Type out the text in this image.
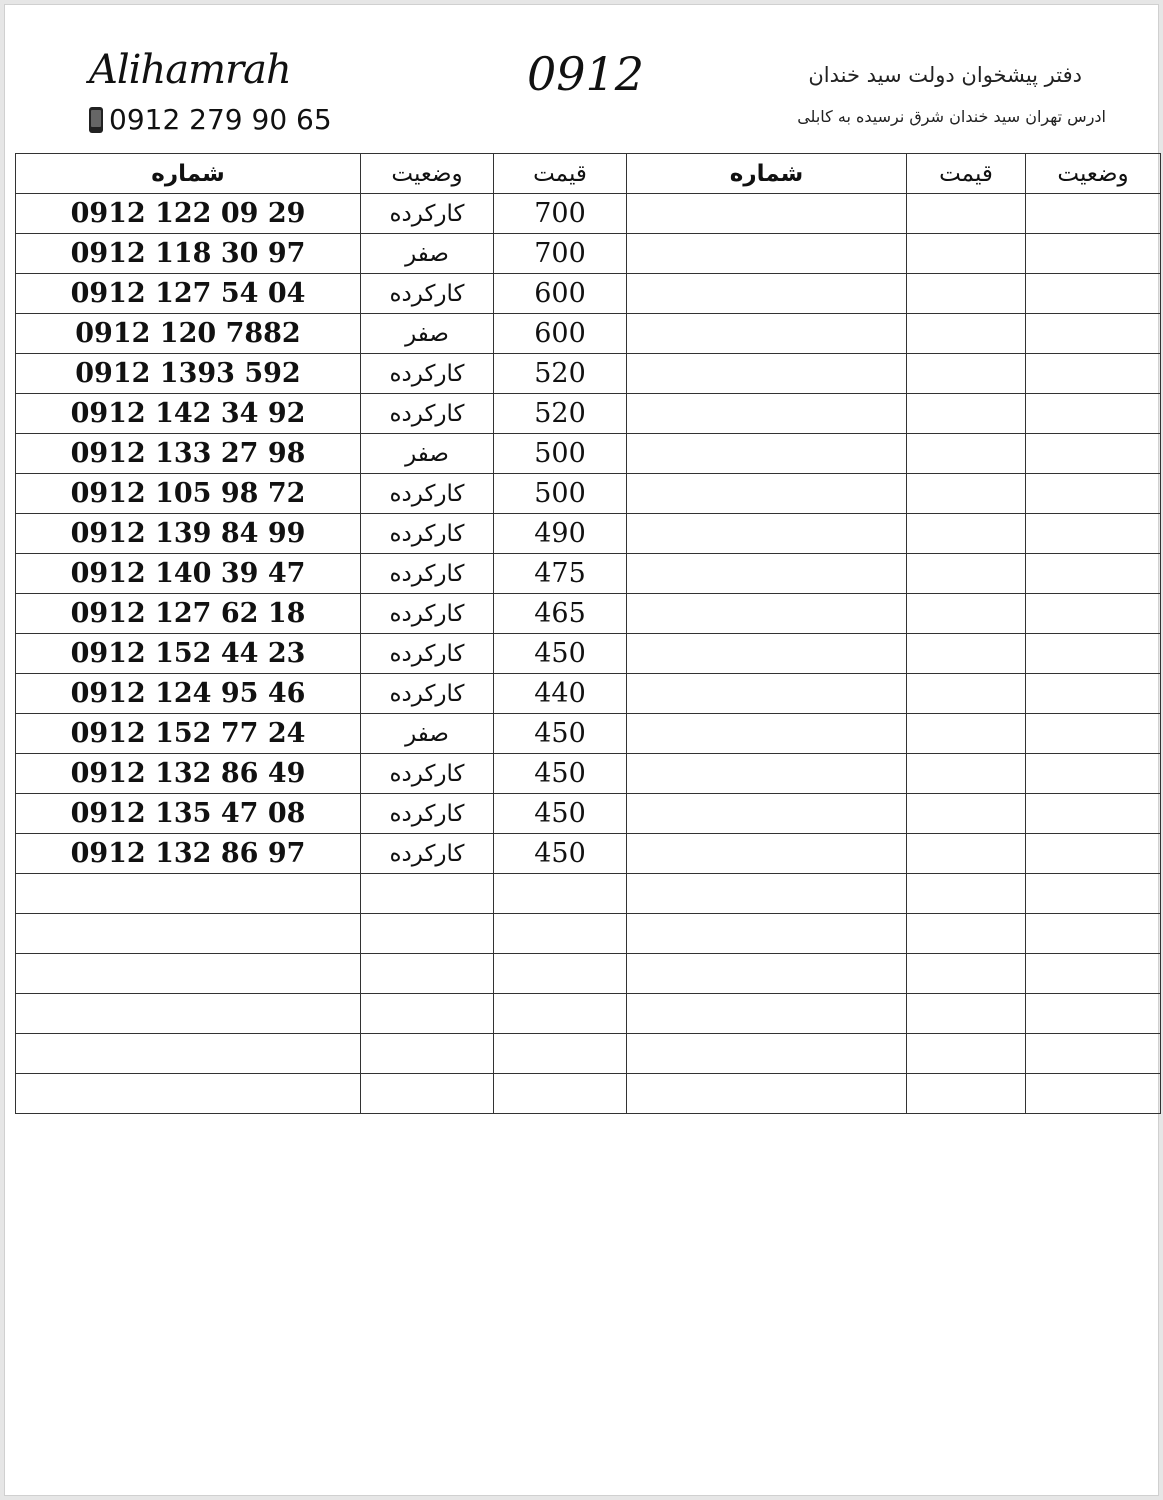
Alihamrah
0912 279 90 65
0912	دفتر پیشخوان دولت سید خندان
ادرس تهران سید خندان شرق نرسیده به کابلی
شماره	وضعیت	قیمت	شماره	قیمت	وضعیت
0912 122 09 29	کارکرده	700			
0912 118 30 97	صفر	700			
0912 127 54 04	کارکرده	600			
0912 120 7882	صفر	600			
0912 1393 592	کارکرده	520			
0912 142 34 92	کارکرده	520			
0912 133 27 98	صفر	500			
0912 105 98 72	کارکرده	500			
0912 139 84 99	کارکرده	490			
0912 140 39 47	کارکرده	475			
0912 127 62 18	کارکرده	465			
0912 152 44 23	کارکرده	450			
0912 124 95 46	کارکرده	440			
0912 152 77 24	صفر	450			
0912 132 86 49	کارکرده	450			
0912 135 47 08	کارکرده	450			
0912 132 86 97	کارکرده	450			
